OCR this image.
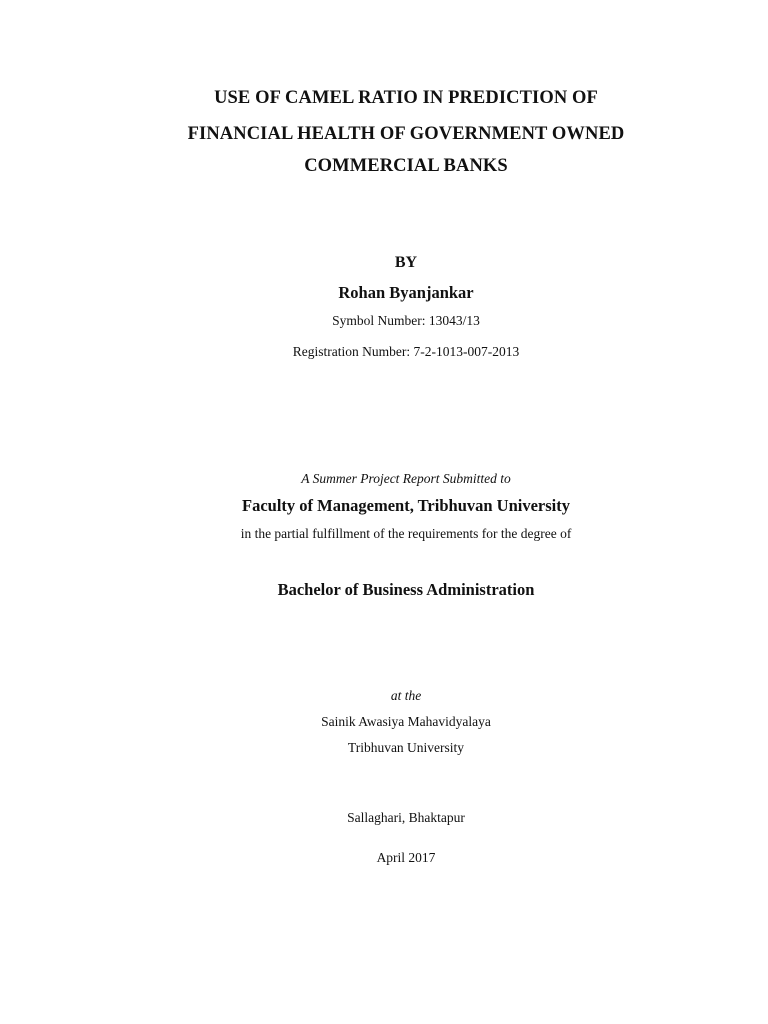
USE OF CAMEL RATIO IN PREDICTION OF
FINANCIAL HEALTH OF GOVERNMENT OWNED
COMMERCIAL BANKS
BY
Rohan Byanjankar
Symbol Number: 13043/13
Registration Number: 7-2-1013-007-2013
A Summer Project Report Submitted to
Faculty of Management, Tribhuvan University
in the partial fulfillment of the requirements for the degree of
Bachelor of Business Administration
at the
Sainik Awasiya Mahavidyalaya
Tribhuvan University
Sallaghari, Bhaktapur
April 2017
